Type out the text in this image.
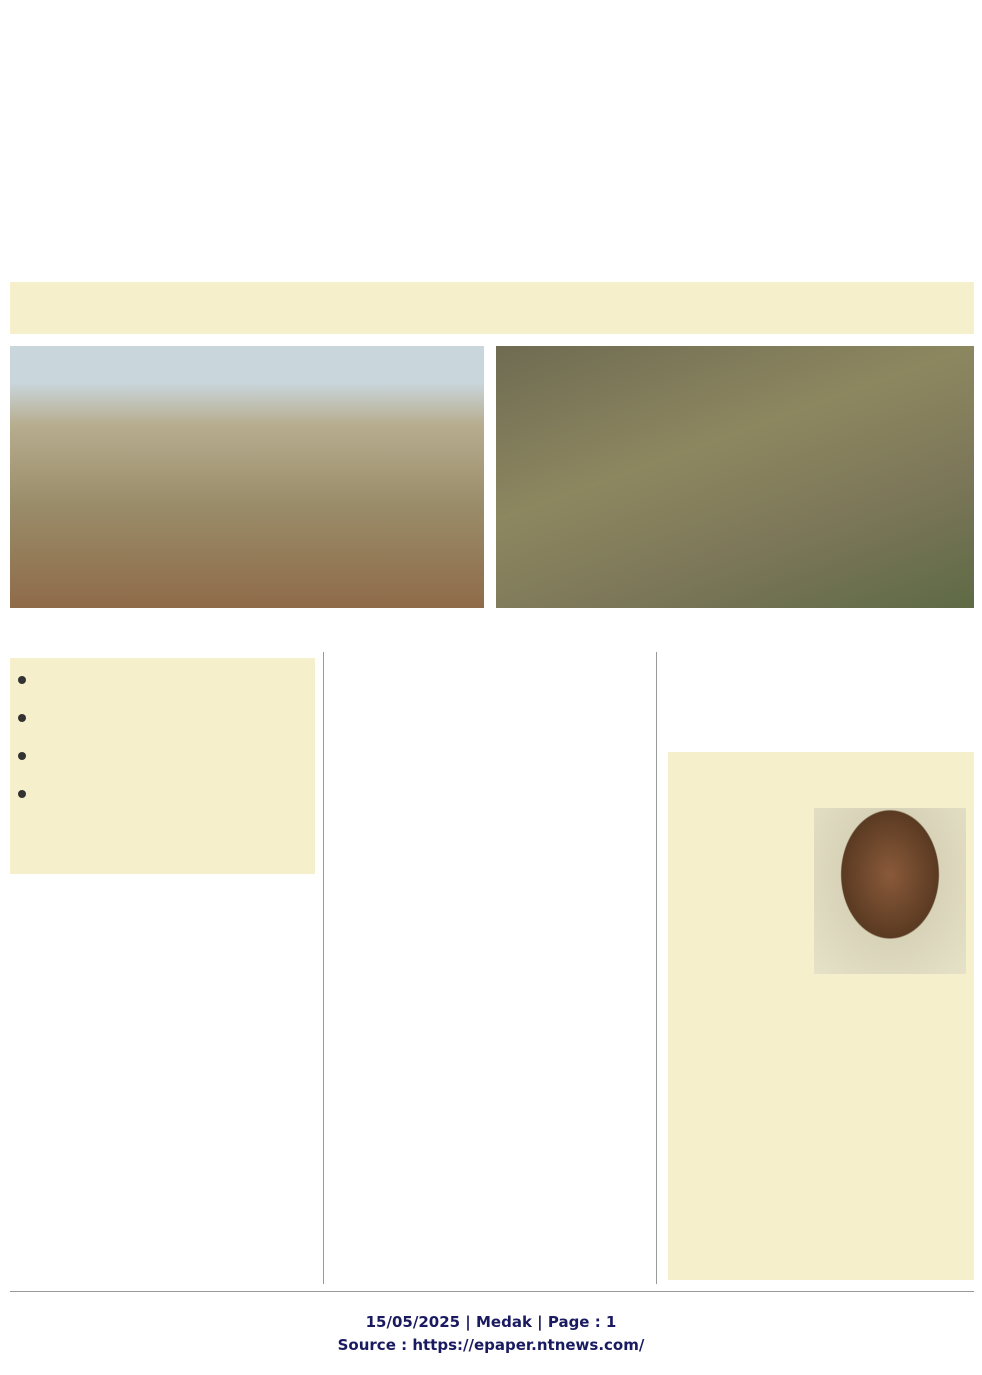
15/05/2025 | Medak | Page : 1
Source : https://epaper.ntnews.com/
